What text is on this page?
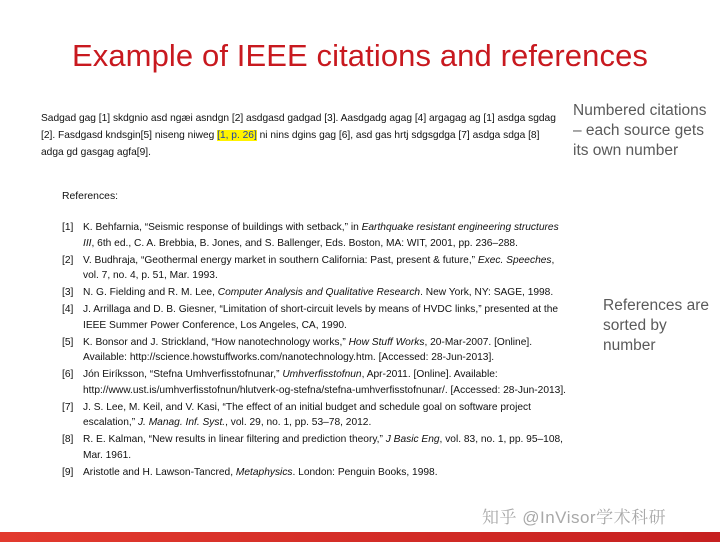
Example of IEEE citations and references
Sadgad gag [1] skdgnio asd ngæi asndgn [2] asdgasd gadgad [3]. Aasdgadg agag [4] argagag ag [1] asdga sgdag [2]. Fasdgasd kndsgin[5] niseng niweg [1, p. 26] ni nins dgins gag [6], asd gas hrtj sdgsgdga [7] asdga sdga [8] adga gd gasgag agfa[9].
Numbered citations – each source gets its own number
References:
[1] K. Behfarnia, “Seismic response of buildings with setback,” in Earthquake resistant engineering structures III, 6th ed., C. A. Brebbia, B. Jones, and S. Ballenger, Eds. Boston, MA: WIT, 2001, pp. 236–288.
[2] V. Budhraja, “Geothermal energy market in southern California: Past, present & future,” Exec. Speeches, vol. 7, no. 4, p. 51, Mar. 1993.
[3] N. G. Fielding and R. M. Lee, Computer Analysis and Qualitative Research. New York, NY: SAGE, 1998.
[4] J. Arrillaga and D. B. Giesner, “Limitation of short-circuit levels by means of HVDC links,” presented at the IEEE Summer Power Conference, Los Angeles, CA, 1990.
[5] K. Bonsor and J. Strickland, “How nanotechnology works,” How Stuff Works, 20-Mar-2007. [Online]. Available: http://science.howstuffworks.com/nanotechnology.htm. [Accessed: 28-Jun-2013].
[6] Jón Eiríksson, “Stefna Umhverfisstofnunar,” Umhverfisstofnun, Apr-2011. [Online]. Available: http://www.ust.is/umhverfisstofnun/hlutverk-og-stefna/stefna-umhverfisstofnunar/. [Accessed: 28-Jun-2013].
[7] J. S. Lee, M. Keil, and V. Kasi, “The effect of an initial budget and schedule goal on software project escalation,” J. Manag. Inf. Syst., vol. 29, no. 1, pp. 53–78, 2012.
[8] R. E. Kalman, “New results in linear filtering and prediction theory,” J Basic Eng, vol. 83, no. 1, pp. 95–108, Mar. 1961.
[9] Aristotle and H. Lawson-Tancred, Metaphysics. London: Penguin Books, 1998.
References are sorted by number
知乎 @InVisor学术科研
